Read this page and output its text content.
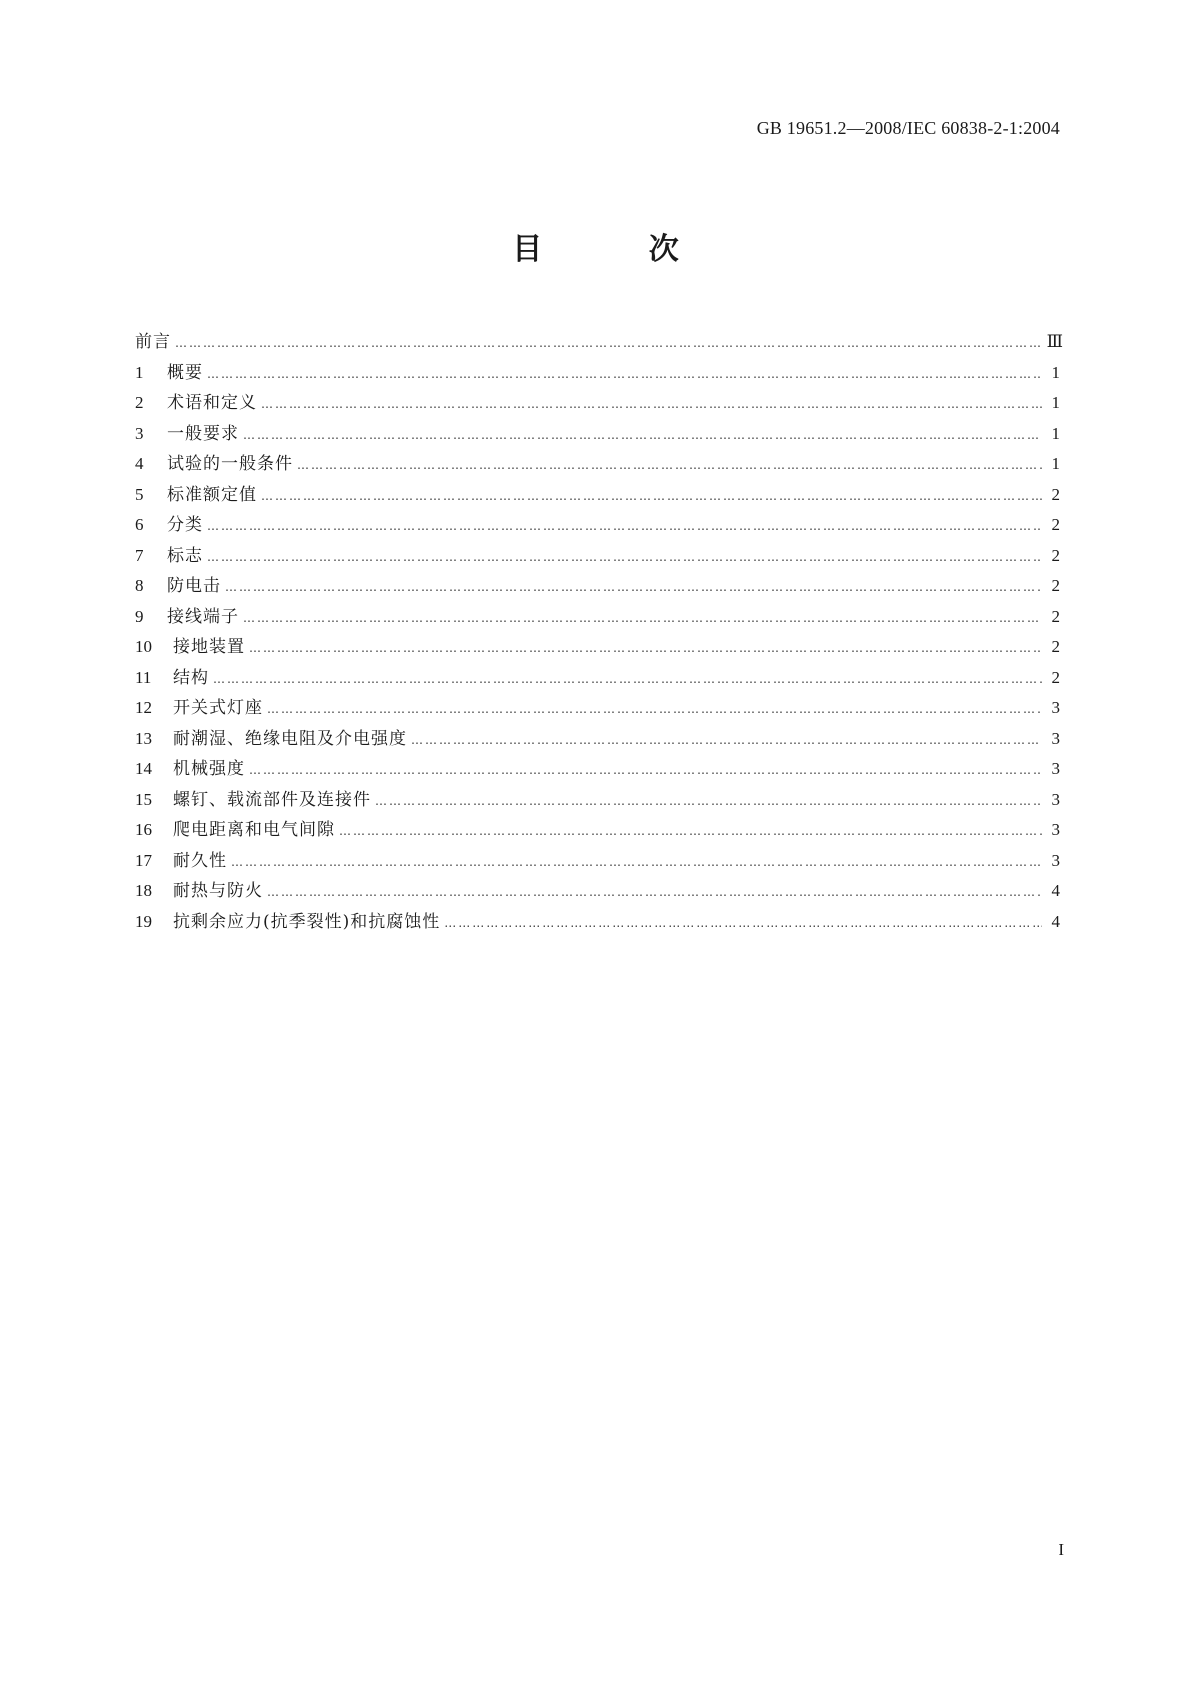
GB 19651.2—2008/IEC 60838-2-1:2004
目 次
前言 …………………………………………………………………………………………………………………………………………………………………………………………………………	Ⅲ
1	概要 …………………………………………………………………………………………………………………………………………………………………………………………………………	1
2	术语和定义 …………………………………………………………………………………………………………………………………………………………………………………………………………	1
3	一般要求 …………………………………………………………………………………………………………………………………………………………………………………………………………	1
4	试验的一般条件 …………………………………………………………………………………………………………………………………………………………………………………………………………	1
5	标准额定值 …………………………………………………………………………………………………………………………………………………………………………………………………………	2
6	分类 …………………………………………………………………………………………………………………………………………………………………………………………………………	2
7	标志 …………………………………………………………………………………………………………………………………………………………………………………………………………	2
8	防电击 …………………………………………………………………………………………………………………………………………………………………………………………………………	2
9	接线端子 …………………………………………………………………………………………………………………………………………………………………………………………………………	2
10	接地装置 …………………………………………………………………………………………………………………………………………………………………………………………………………	2
11	结构 …………………………………………………………………………………………………………………………………………………………………………………………………………	2
12	开关式灯座 …………………………………………………………………………………………………………………………………………………………………………………………………………	3
13	耐潮湿、绝缘电阻及介电强度 …………………………………………………………………………………………………………………………………………………………………………………………………………	3
14	机械强度 …………………………………………………………………………………………………………………………………………………………………………………………………………	3
15	螺钉、载流部件及连接件 …………………………………………………………………………………………………………………………………………………………………………………………………………	3
16	爬电距离和电气间隙 …………………………………………………………………………………………………………………………………………………………………………………………………………	3
17	耐久性 …………………………………………………………………………………………………………………………………………………………………………………………………………	3
18	耐热与防火 …………………………………………………………………………………………………………………………………………………………………………………………………………	4
19	抗剩余应力(抗季裂性)和抗腐蚀性 …………………………………………………………………………………………………………………………………………………………………………………………………………	4
I
